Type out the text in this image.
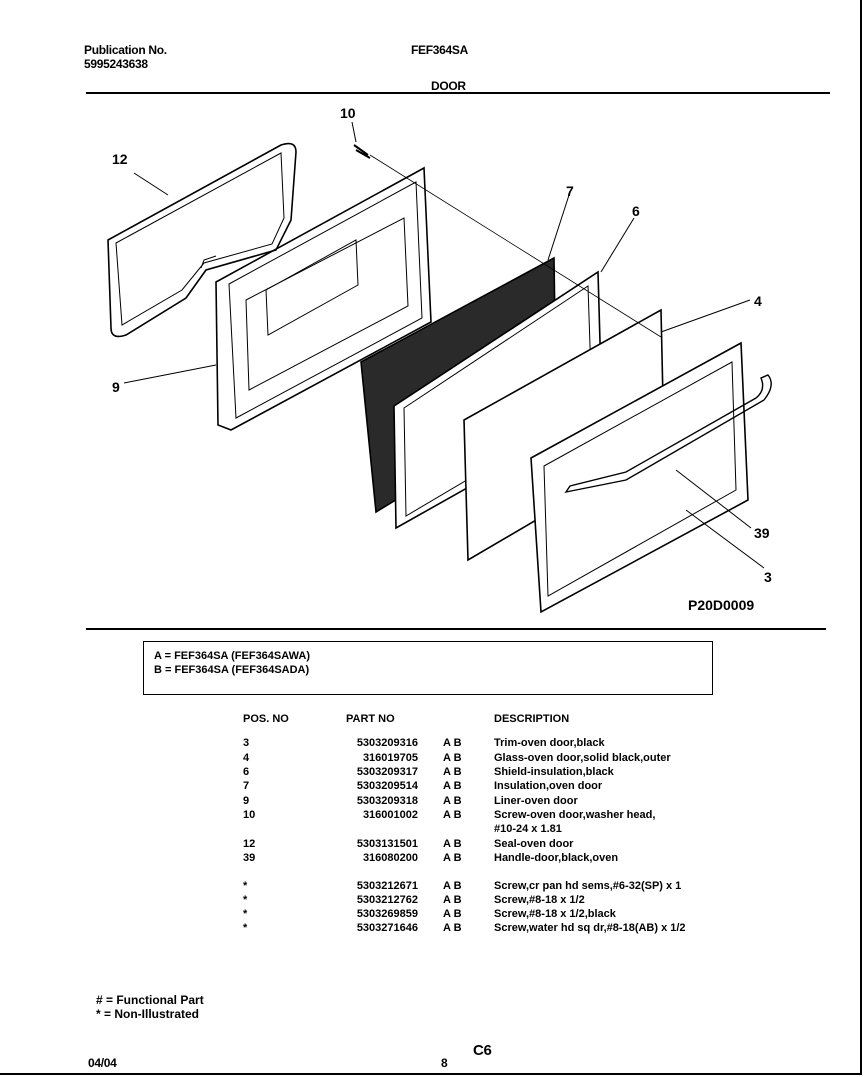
Publication No.
5995243638
FEF364SA
DOOR
10
12
7
6
4
9
39
3
P20D0009
A = FEF364SA (FEF364SAWA)
B = FEF364SA (FEF364SADA)
POS. NO	PART NO	DESCRIPTION
3	5303209316 A B	Trim-oven door,black
4	316019705 A B	Glass-oven door,solid black,outer
6	5303209317 A B	Shield-insulation,black
7	5303209514 A B	Insulation,oven door
9	5303209318 A B	Liner-oven door
10	316001002 A B	Screw-oven door,washer head,
#10-24 x 1.81
12	5303131501 A B	Seal-oven door
39	316080200 A B	Handle-door,black,oven
*	5303212671 A B	Screw,cr pan hd sems,#6-32(SP) x 1
*	5303212762 A B	Screw,#8-18 x 1/2
*	5303269859 A B	Screw,#8-18 x 1/2,black
*	5303271646 A B	Screw,water hd sq dr,#8-18(AB) x 1/2
# = Functional Part
* = Non-Illustrated
04/04	8
C6
